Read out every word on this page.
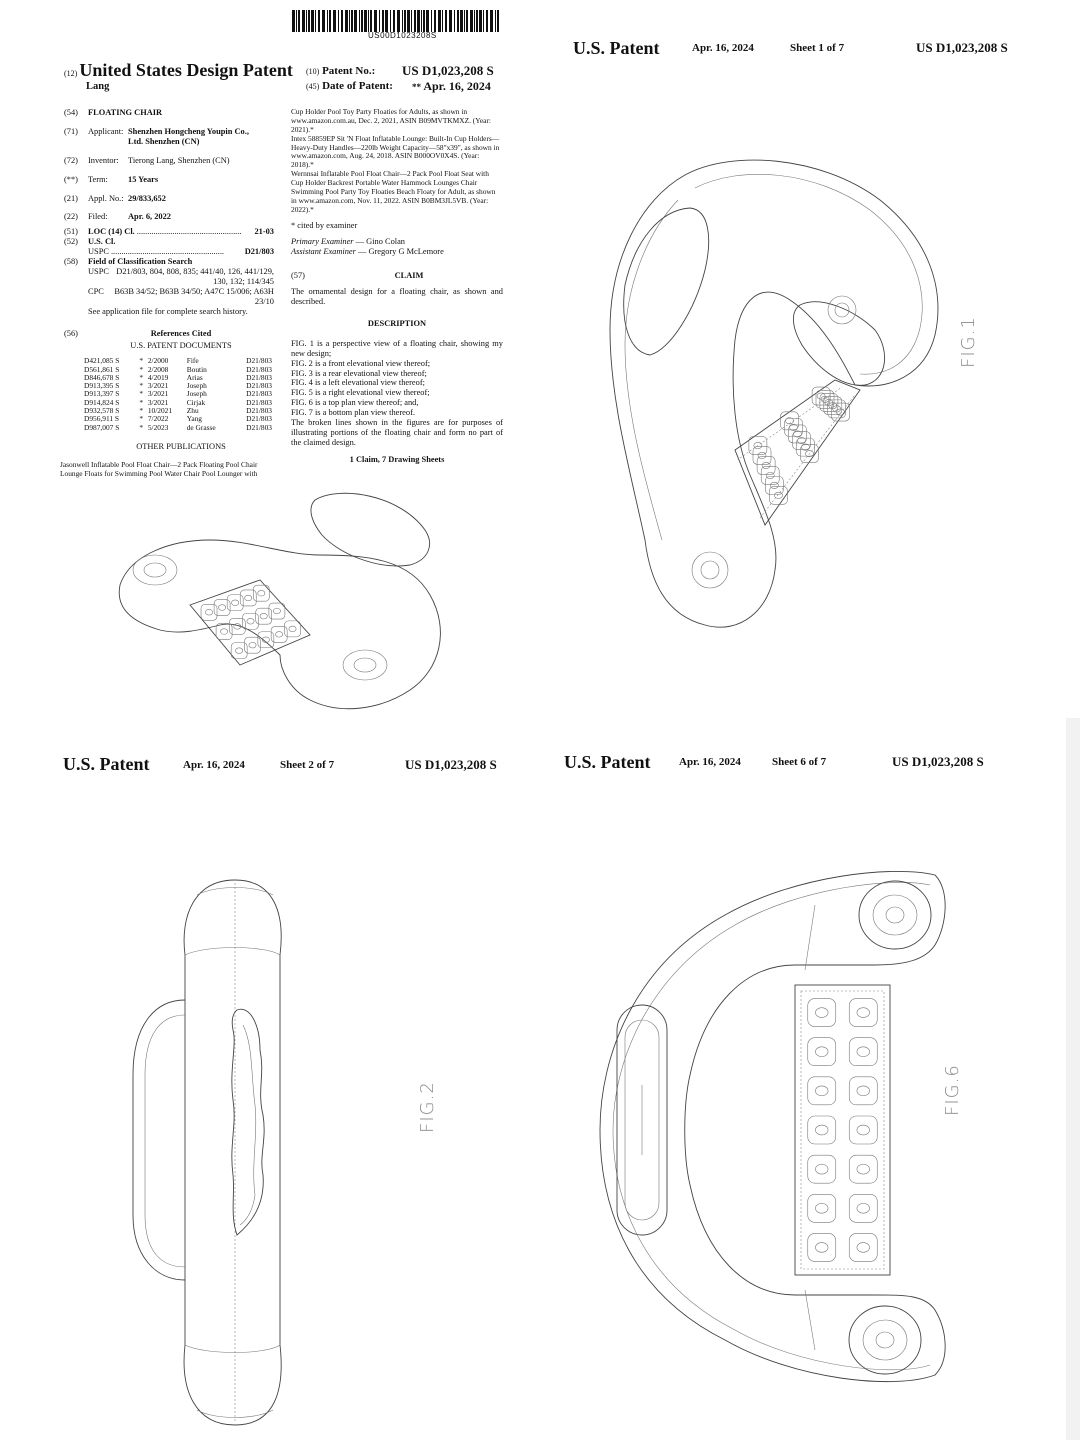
US00D1023208S
(12) United States Design Patent
Lang
(10) Patent No.: US D1,023,208 S
(45) Date of Patent: ** Apr. 16, 2024
(54)	FLOATING CHAIR
(71)	Applicant: Shenzhen Hongcheng Youpin Co., Ltd. Shenzhen (CN)
(72)	Inventor:	Tierong Lang, Shenzhen (CN)
(**)	Term:	15 Years
(21)	Appl. No.: 29/833,652
(22)	Filed:	Apr. 6, 2022
(51)	LOC (14) Cl. ..................................................	21-03
(52)	U.S. Cl.
USPC ......................................................	D21/803
(58)	Field of Classification Search
USPC D21/803, 804, 808, 835; 441/40, 126, 441/129, 130, 132; 114/345
CPC	B63B 34/52; B63B 34/50; A47C 15/006; A63H 23/10
See application file for complete search history.
(56)	References Cited
U.S. PATENT DOCUMENTS
D421,085 S	*	2/2000	Fife	D21/803
D561,861 S	*	2/2008	Boutin	D21/803
D846,678 S	*	4/2019	Arias	D21/803
D913,395 S	*	3/2021	Joseph	D21/803
D913,397 S	*	3/2021	Joseph	D21/803
D914,824 S	*	3/2021	Cirjak	D21/803
D932,578 S	*	10/2021	Zhu	D21/803
D956,911 S	*	7/2022	Yang	D21/803
D987,007 S	*	5/2023	de Grasse	D21/803
OTHER PUBLICATIONS
Jasonwell Inflatable Pool Float Chair—2 Pack Floating Pool Chair Lounge Floats for Swimming Pool Water Chair Pool Lounger with
Cup Holder Pool Toy Party Floaties for Adults, as shown in www.amazon.com.au, Dec. 2, 2021, ASIN B09MVTKMXZ. (Year: 2021).*
Intex 58859EP Sit 'N Float Inflatable Lounge: Built-In Cup Holders—Heavy-Duty Handles—220lb Weight Capacity—58"x39", as shown in www.amazon.com, Aug. 24, 2018. ASIN B000OV0X4S. (Year: 2018).*
Wernnsai Inflatable Pool Float Chair—2 Pack Pool Float Seat with Cup Holder Backrest Portable Water Hammock Lounges Chair Swimming Pool Party Toy Floaties Beach Floaty for Adult, as shown in www.amazon.com, Nov. 11, 2022. ASIN B0BM3JL5VB. (Year: 2022).*
* cited by examiner
Primary Examiner — Gino Colan
Assistant Examiner — Gregory G McLemore
(57)	CLAIM
The ornamental design for a floating chair, as shown and described.
DESCRIPTION
FIG. 1 is a perspective view of a floating chair, showing my new design;
FIG. 2 is a front elevational view thereof;
FIG. 3 is a rear elevational view thereof;
FIG. 4 is a left elevational view thereof;
FIG. 5 is a right elevational view thereof;
FIG. 6 is a top plan view thereof; and,
FIG. 7 is a bottom plan view thereof.
The broken lines shown in the figures are for purposes of illustrating portions of the floating chair and form no part of the claimed design.
1 Claim, 7 Drawing Sheets
U.S. Patent	Apr. 16, 2024	Sheet 1 of 7	US D1,023,208 S
FIG.1
U.S. Patent	Apr. 16, 2024	Sheet 2 of 7	US D1,023,208 S
FIG.2
U.S. Patent	Apr. 16, 2024	Sheet 6 of 7	US D1,023,208 S
FIG.6
